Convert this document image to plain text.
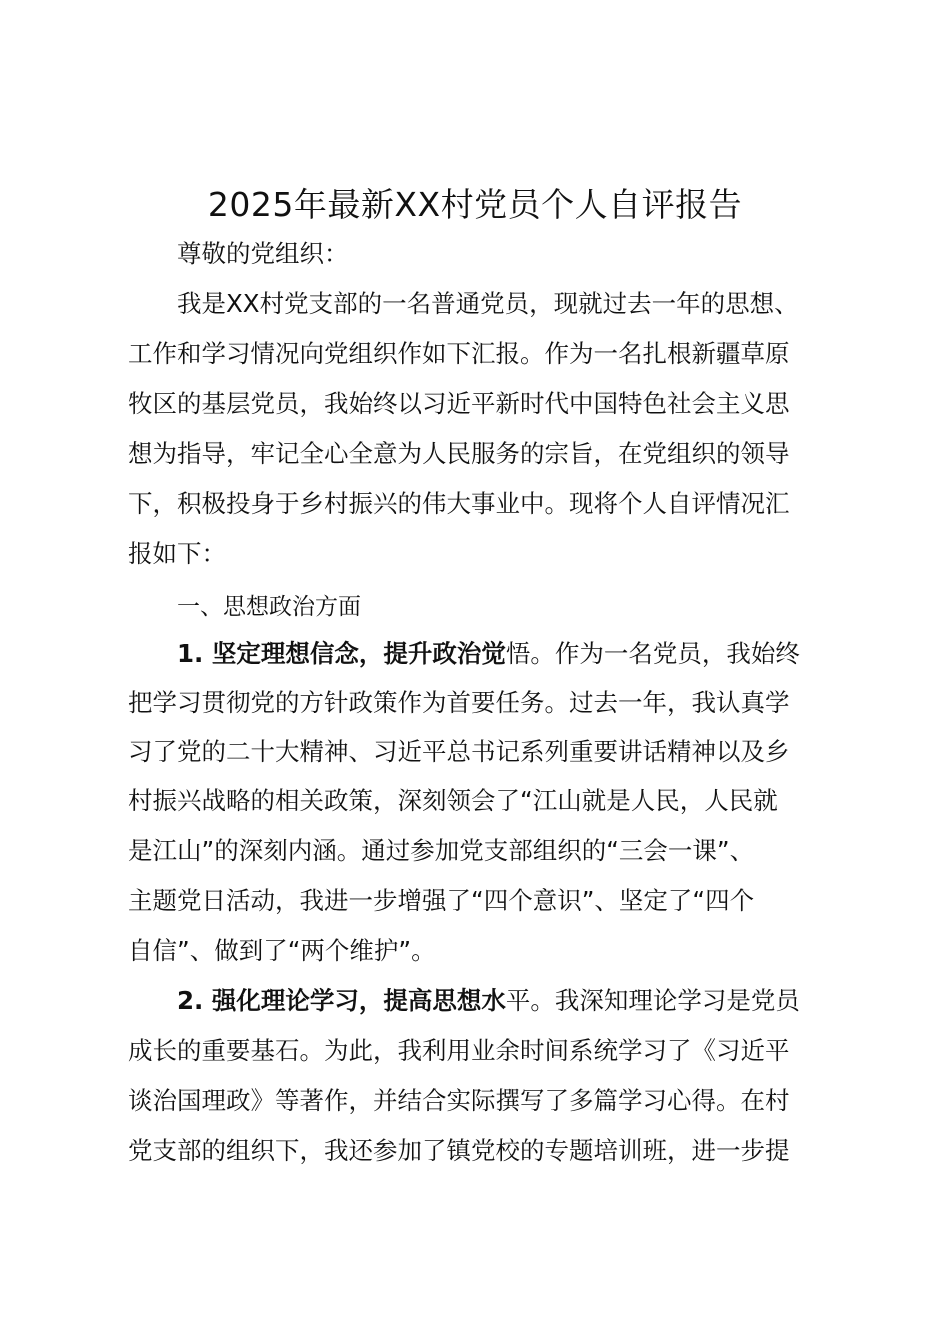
2025年最新XX村党员个人自评报告
尊敬的党组织：
我是XX村党支部的一名普通党员，现就过去一年的思想、
工作和学习情况向党组织作如下汇报。作为一名扎根新疆草原
牧区的基层党员，我始终以习近平新时代中国特色社会主义思
想为指导，牢记全心全意为人民服务的宗旨，在党组织的领导
下，积极投身于乡村振兴的伟大事业中。现将个人自评情况汇
报如下：
一、思想政治方面
1. 坚定理想信念，提升政治觉悟。作为一名党员，我始终
把学习贯彻党的方针政策作为首要任务。过去一年，我认真学
习了党的二十大精神、习近平总书记系列重要讲话精神以及乡
村振兴战略的相关政策，深刻领会了“江山就是人民，人民就
是江山”的深刻内涵。通过参加党支部组织的“三会一课”、
主题党日活动，我进一步增强了“四个意识”、坚定了“四个
自信”、做到了“两个维护”。
2. 强化理论学习，提高思想水平。我深知理论学习是党员
成长的重要基石。为此，我利用业余时间系统学习了《习近平
谈治国理政》等著作，并结合实际撰写了多篇学习心得。在村
党支部的组织下，我还参加了镇党校的专题培训班，进一步提
